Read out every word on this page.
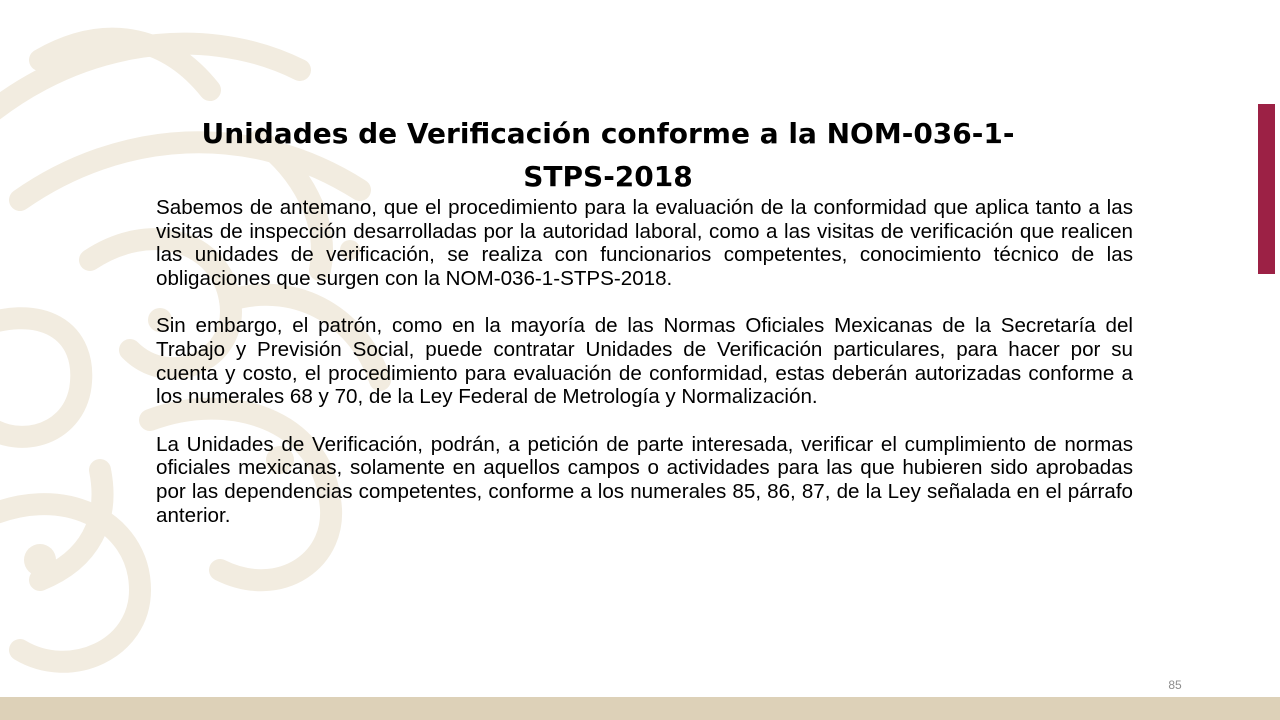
Unidades de Verificación conforme a la NOM-036-1-
STPS-2018

Sabemos de antemano, que el procedimiento para la evaluación de la conformidad que aplica tanto a las visitas de inspección desarrolladas por la autoridad laboral, como a las visitas de verificación que realicen las unidades de verificación, se realiza con funcionarios competentes, conocimiento técnico de las obligaciones que surgen con la NOM-036-1-STPS-2018.

Sin embargo, el patrón, como en la mayoría de las Normas Oficiales Mexicanas de la Secretaría del Trabajo y Previsión Social, puede contratar Unidades de Verificación particulares, para hacer por su cuenta y costo, el procedimiento para evaluación de conformidad, estas deberán autorizadas conforme a los numerales 68 y 70, de la Ley Federal de Metrología y Normalización.

La Unidades de Verificación, podrán, a petición de parte interesada, verificar el cumplimiento de normas oficiales mexicanas, solamente en aquellos campos o actividades para las que hubieren sido aprobadas por las dependencias competentes, conforme a los numerales 85, 86, 87, de la Ley señalada en el párrafo anterior.

85
